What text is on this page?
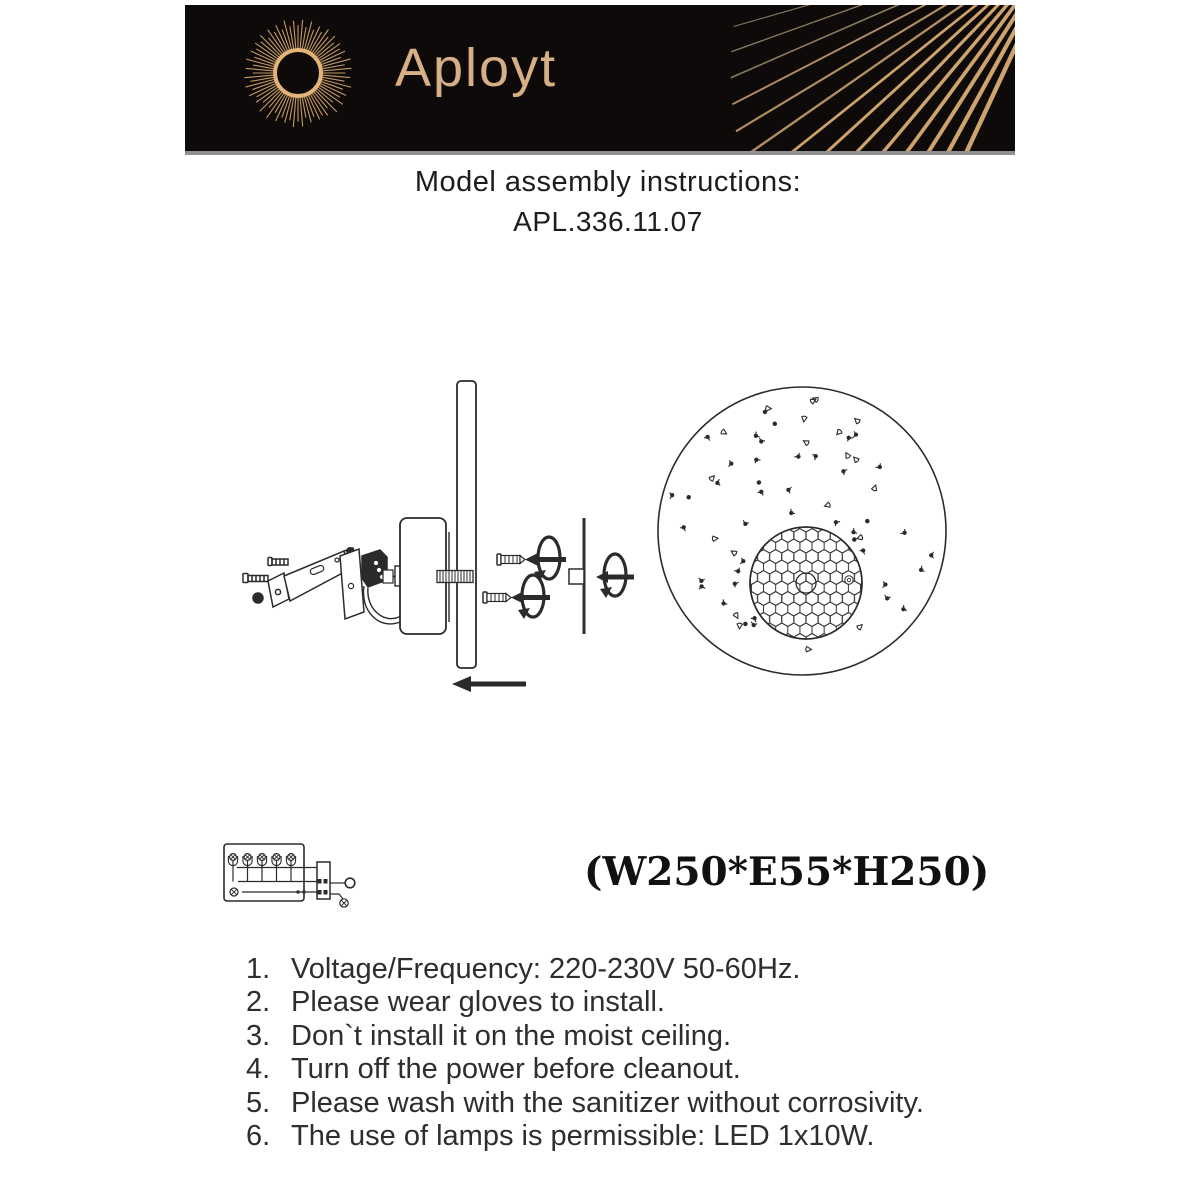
Aployt
Model assembly instructions:
APL.336.11.07
(W250*E55*H250)
1. Voltage/Frequency: 220-230V 50-60Hz.
2. Please wear gloves to install.
3. Don`t install it on the moist ceiling.
4. Turn off the power before cleanout.
5. Please wash with the sanitizer without corrosivity.
6. The use of lamps is permissible: LED 1x10W.
